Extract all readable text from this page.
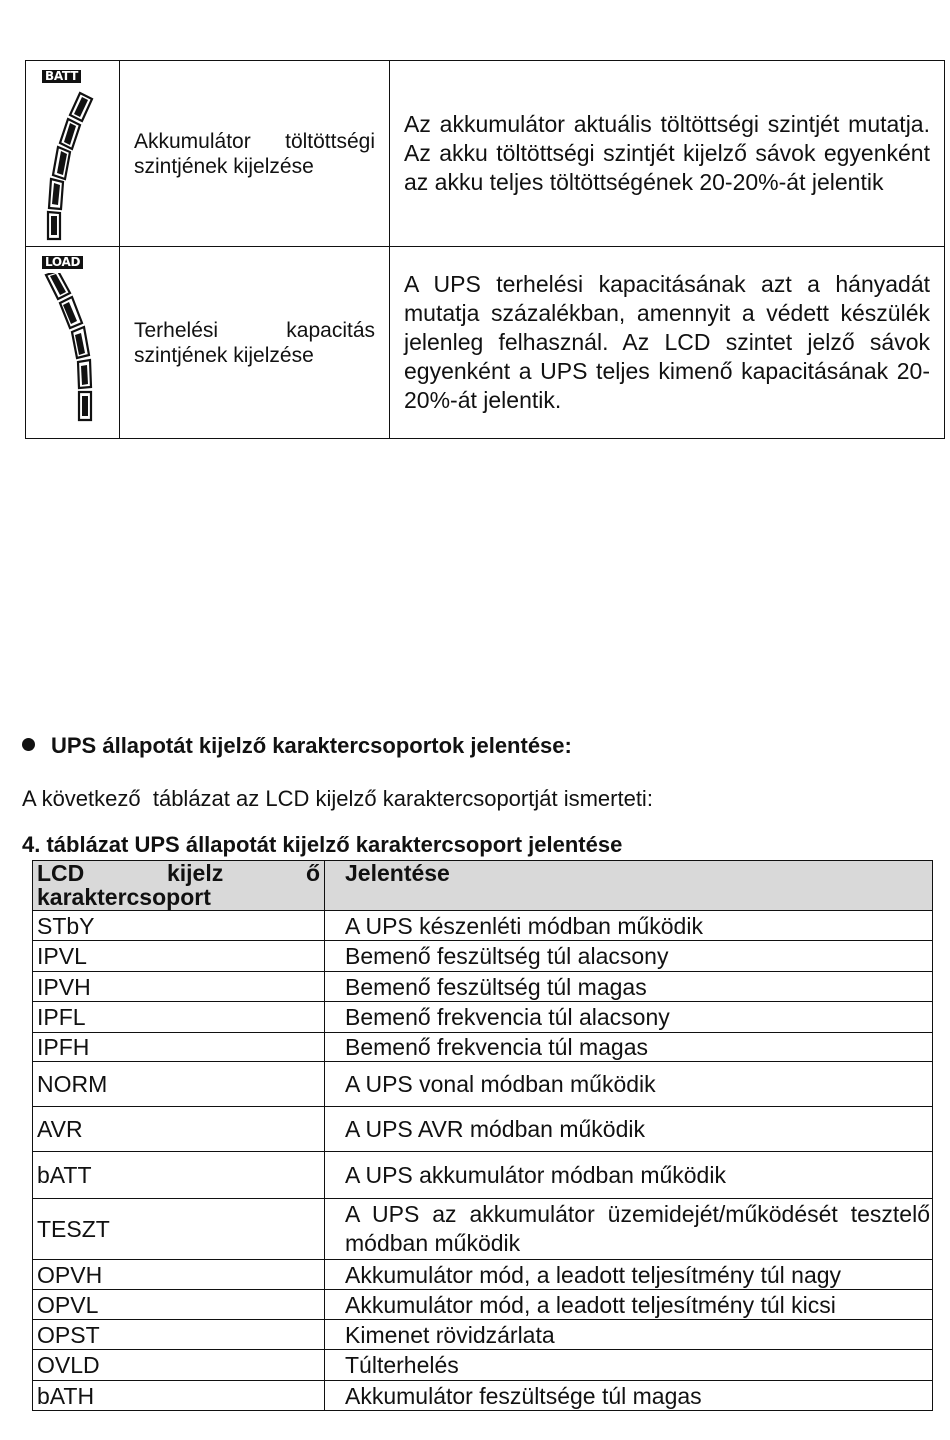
BATT	Akkumulátor töltöttségi szintjének kijelzése	Az akkumulátor aktuális töltöttségi szintjét mutatja. Az akku töltöttségi szintjét kijelző sávok egyenként az akku teljes töltöttségének 20-20%-át jelentik
LOAD	Terhelési kapacitás szintjének kijelzése	A UPS terhelési kapacitásának azt a hányadát mutatja százalékban, amennyit a védett készülék jelenleg felhasznál. Az LCD szintet jelző sávok egyenként a UPS teljes kimenő kapacitásának 20-20%-át jelentik.
UPS állapotát kijelző karaktercsoportok jelentése:
A következő  táblázat az LCD kijelző karaktercsoportját ismerteti:
4. táblázat UPS állapotát kijelző karaktercsoport jelentése
LCD kijelz ő karaktercsoport	Jelentése
STbY	A UPS készenléti módban működik
IPVL	Bemenő feszültség túl alacsony
IPVH	Bemenő feszültség túl magas
IPFL	Bemenő frekvencia túl alacsony
IPFH	Bemenő frekvencia túl magas
NORM	A UPS vonal módban működik
AVR	A UPS AVR módban működik
bATT	A UPS akkumulátor módban működik
TESZT	A UPS az akkumulátor üzemidejét/működését tesztelő módban működik
OPVH	Akkumulátor mód, a leadott teljesítmény túl nagy
OPVL	Akkumulátor mód, a leadott teljesítmény túl kicsi
OPST	Kimenet rövidzárlata
OVLD	Túlterhelés
bATH	Akkumulátor feszültsége túl magas
